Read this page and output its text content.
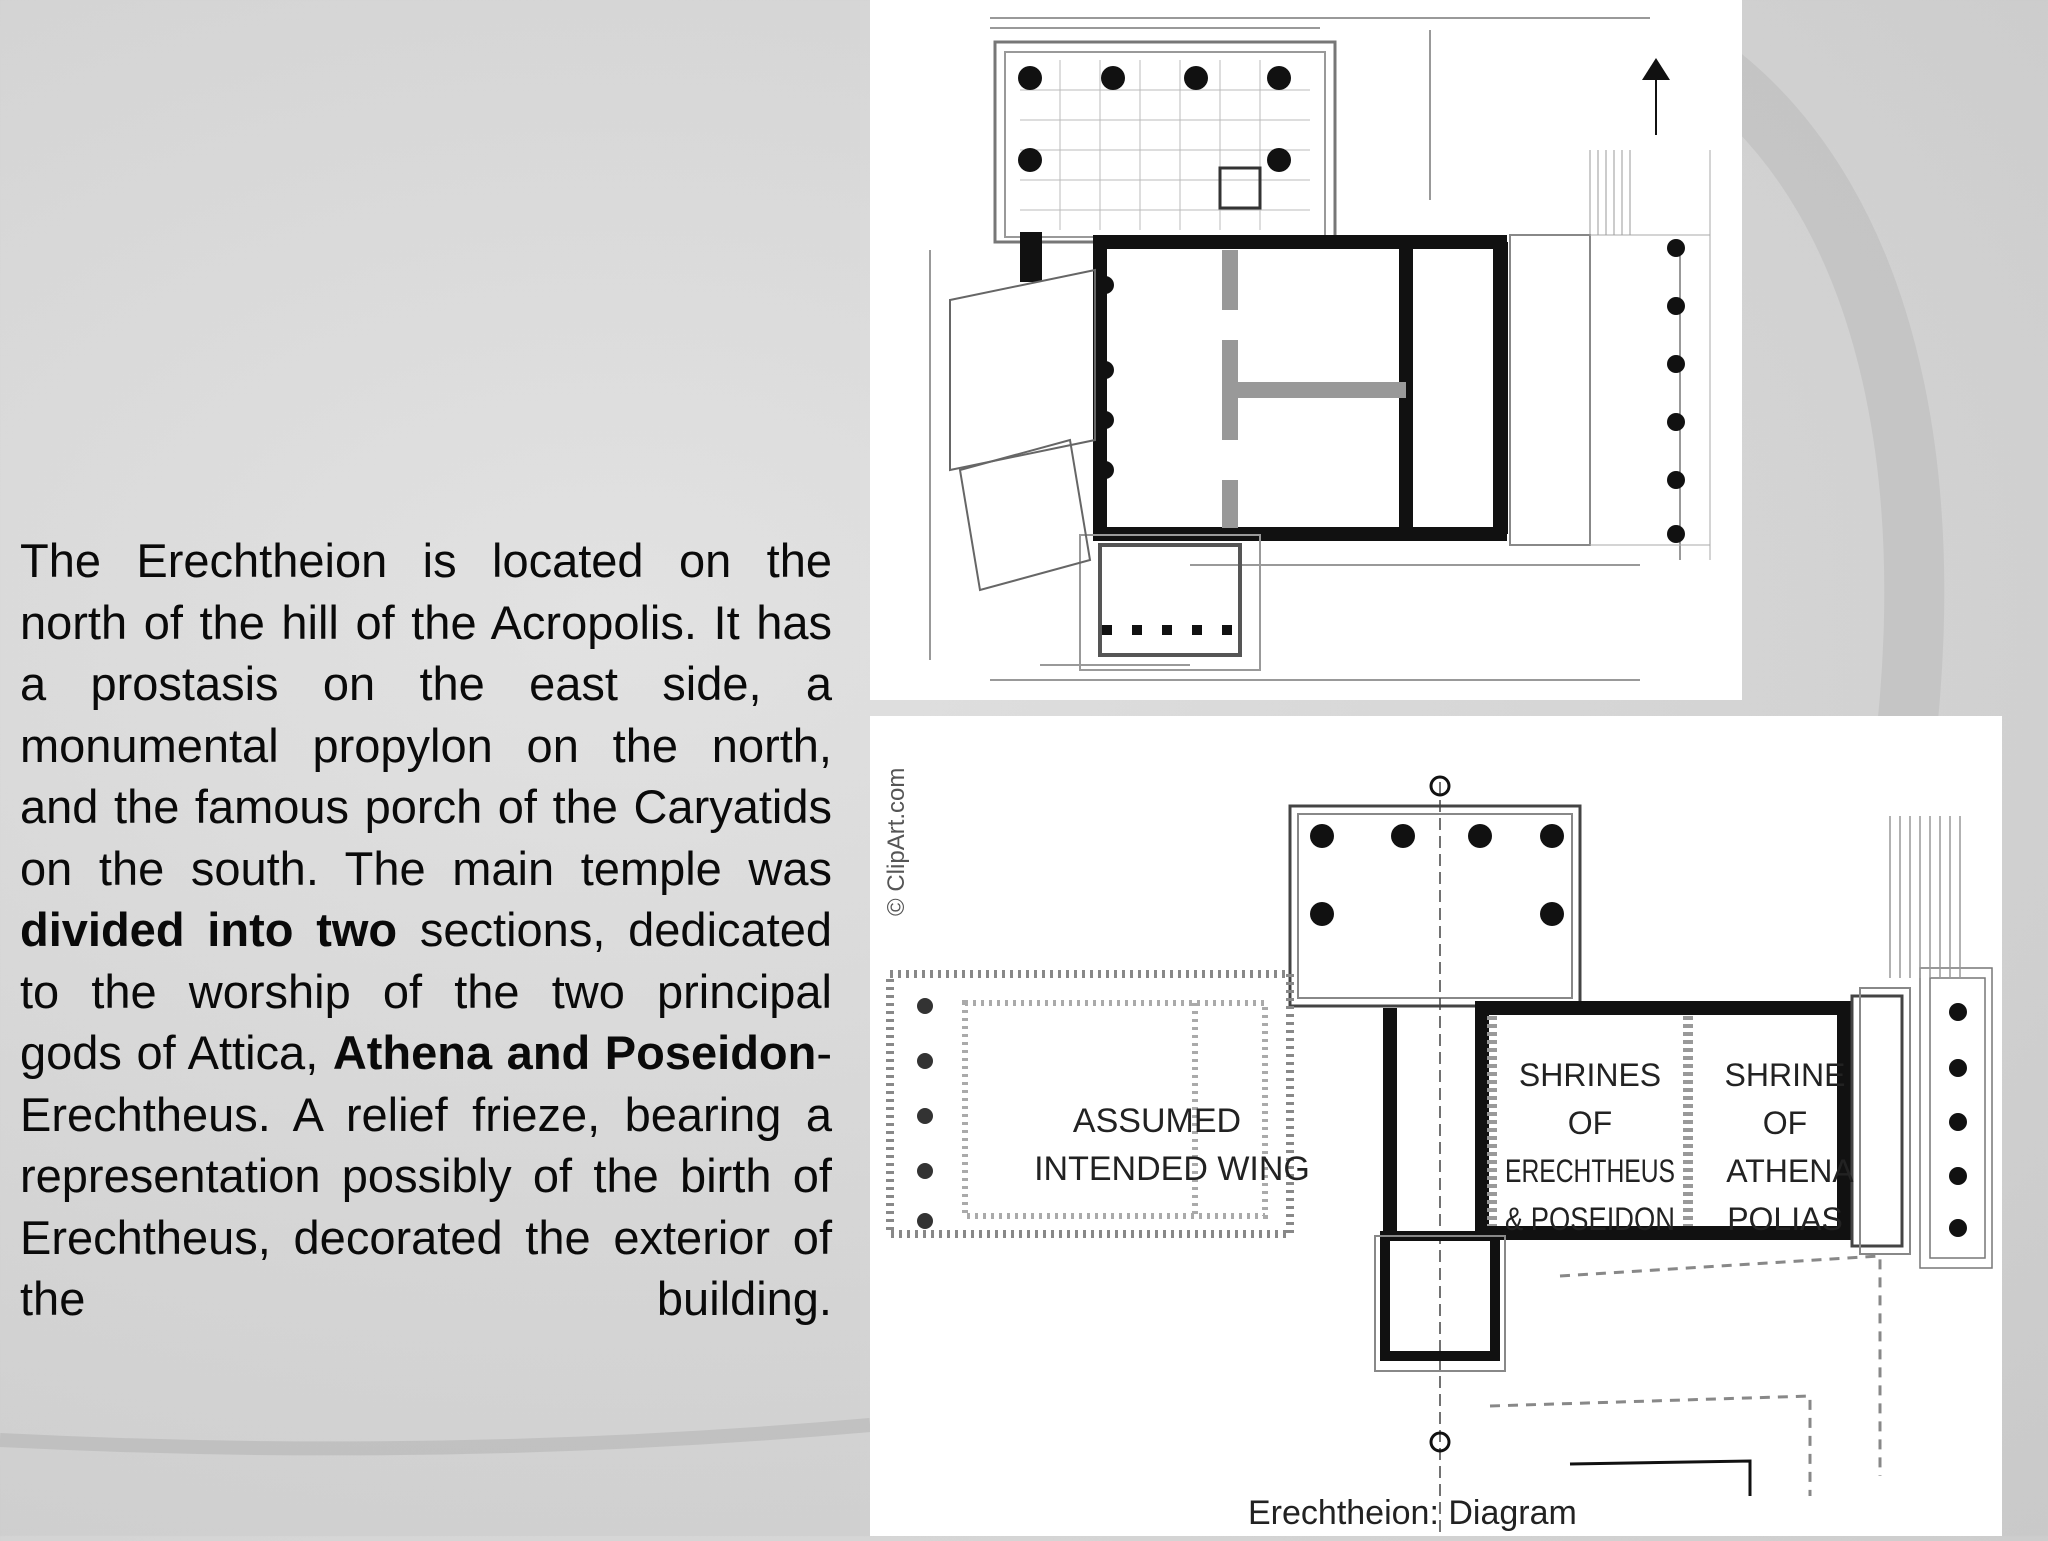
The Erechtheion is located on the north of the hill of the Acropolis. It has a prostasis on the east side, a monumental propylon on the north, and the famous porch of the Caryatids on the south. The main temple was divided into two sections, dedicated to the worship of the two principal gods of Attica, Athena and Poseidon-Erechtheus. A relief frieze, bearing a representation possibly of the birth of Erechtheus, decorated the exterior of the building.
© ClipArt.com
ASSUMED
INTENDED WING
SHRINES
OF
ERECHTHEUS
& POSEIDON
SHRINE
OF
ATHENA
POLIAS
Erechtheion: Diagram
